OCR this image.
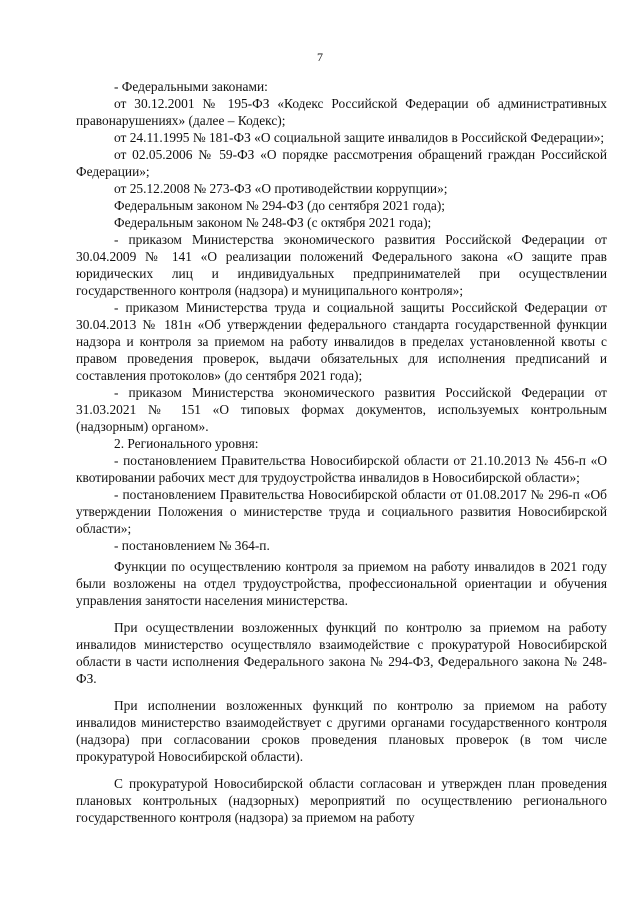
7

- Федеральными законами:

от 30.12.2001 № 195-ФЗ «Кодекс Российской Федерации об административных правонарушениях» (далее – Кодекс);

от 24.11.1995 № 181-ФЗ «О социальной защите инвалидов в Российской Федерации»;

от 02.05.2006 № 59-ФЗ «О порядке рассмотрения обращений граждан Российской Федерации»;

от 25.12.2008 № 273-ФЗ «О противодействии коррупции»;

Федеральным законом № 294-ФЗ (до сентября 2021 года);

Федеральным законом № 248-ФЗ (с октября 2021 года);

- приказом Министерства экономического развития Российской Федерации от 30.04.2009 № 141 «О реализации положений Федерального закона «О защите прав юридических лиц и индивидуальных предпринимателей при осуществлении государственного контроля (надзора) и муниципального контроля»;

- приказом Министерства труда и социальной защиты Российской Федерации от 30.04.2013 № 181н «Об утверждении федерального стандарта государственной функции надзора и контроля за приемом на работу инвалидов в пределах установленной квоты с правом проведения проверок, выдачи обязательных для исполнения предписаний и составления протоколов» (до сентября 2021 года);

- приказом Министерства экономического развития Российской Федерации от 31.03.2021 № 151 «О типовых формах документов, используемых контрольным (надзорным) органом».

2. Регионального уровня:

- постановлением Правительства Новосибирской области от 21.10.2013 № 456-п «О квотировании рабочих мест для трудоустройства инвалидов в Новосибирской области»;

- постановлением Правительства Новосибирской области от 01.08.2017 № 296-п «Об утверждении Положения о министерстве труда и социального развития Новосибирской области»;

- постановлением № 364-п.

Функции по осуществлению контроля за приемом на работу инвалидов в 2021 году были возложены на отдел трудоустройства, профессиональной ориентации и обучения управления занятости населения министерства.

При осуществлении возложенных функций по контролю за приемом на работу инвалидов министерство осуществляло взаимодействие с прокуратурой Новосибирской области в части исполнения Федерального закона № 294-ФЗ, Федерального закона № 248-ФЗ.

При исполнении возложенных функций по контролю за приемом на работу инвалидов министерство взаимодействует с другими органами государственного контроля (надзора) при согласовании сроков проведения плановых проверок (в том числе прокуратурой Новосибирской области).

С прокуратурой Новосибирской области согласован и утвержден план проведения плановых контрольных (надзорных) мероприятий по осуществлению регионального государственного контроля (надзора) за приемом на работу
